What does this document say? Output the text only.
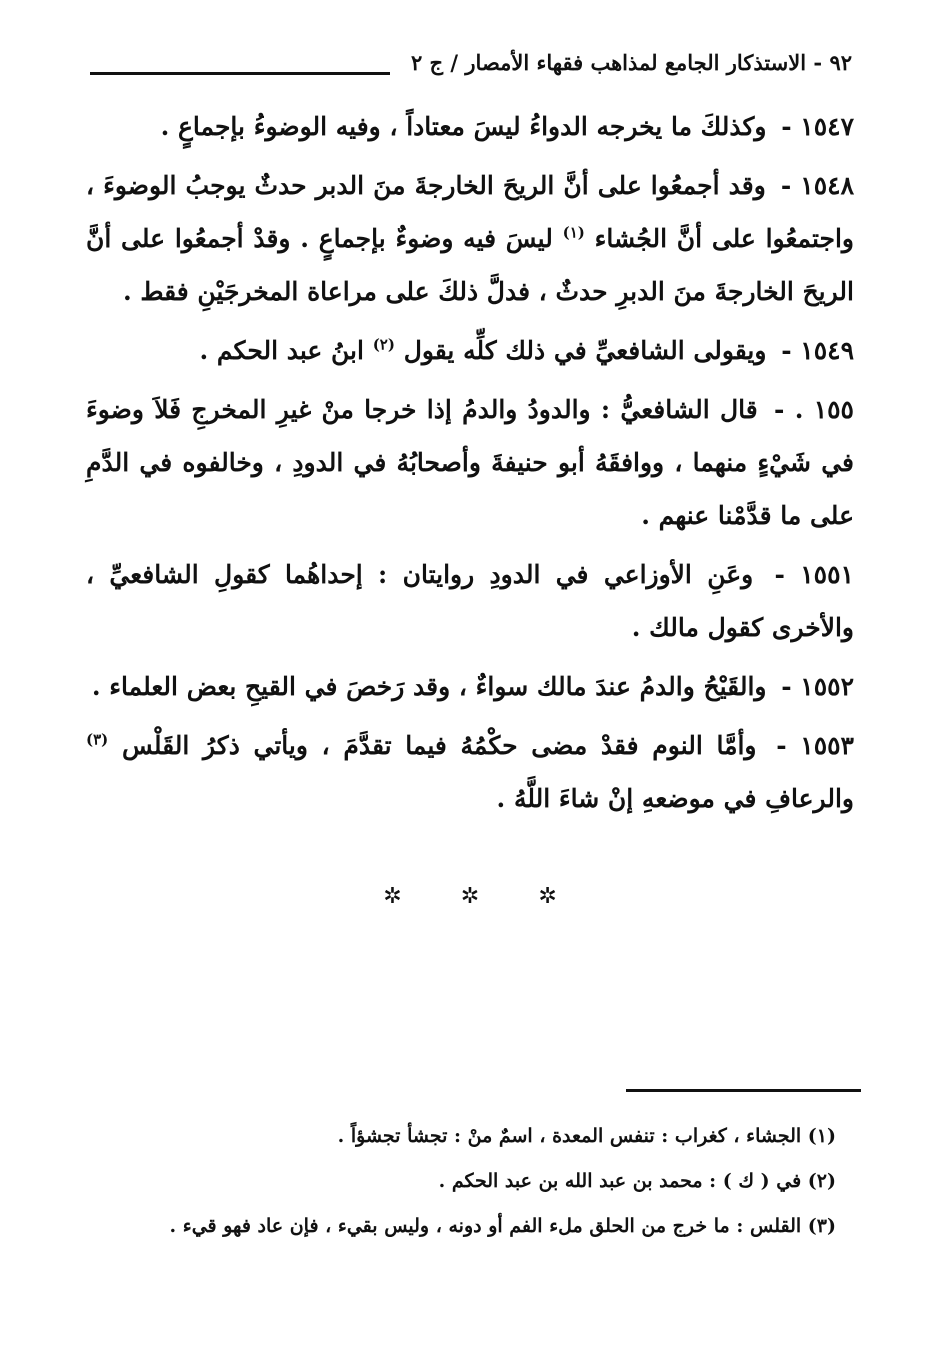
٩٢ - الاستذكار الجامع لمذاهب فقهاء الأمصار / ج ٢

١٥٤٧ - وكذلكَ ما يخرجه الدواءُ ليسَ معتاداً ، وفيه الوضوءُ بإجماعٍ .

١٥٤٨ - وقد أجمعُوا على أنَّ الريحَ الخارجةَ منَ الدبر حدثٌ يوجبُ الوضوءَ ، واجتمعُوا على أنَّ الجُشاء $^{(١)}$ ليسَ فيه وضوءٌ بإجماعٍ . وقدْ أجمعُوا على أنَّ الريحَ الخارجةَ منَ الدبرِ حدثٌ ، فدلَّ ذلكَ على مراعاة المخرجَيْنِ فقط .

١٥٤٩ - ويقولى الشافعيِّ في ذلك كلِّه يقول $^{(٢)}$ ابنُ عبد الحكم .

١٥٥ . - قال الشافعيُّ : والدودُ والدمُ إذا خرجا منْ غيرِ المخرجِ فَلاَ وضوءَ في شَيْءٍ منهما ، ووافقَهُ أبو حنيفةَ وأصحابُهُ في الدودِ ، وخالفوه في الدَّمِ على ما قدَّمْنا عنهم .

١٥٥١ - وعَنِ الأوزاعي في الدودِ روايتان : إحداهُما كقولِ الشافعيِّ ، والأخرى كقول مالك .

١٥٥٢ - والقَيْحُ والدمُ عندَ مالك سواءٌ ، وقد رَخصَ في القيحِ بعض العلماء .

١٥٥٣ - وأمَّا النوم فقدْ مضى حكْمُهُ فيما تقدَّمَ ، ويأتي ذكرُ القَلْس $^{(٣)}$ والرعافِ في موضعهِ إنْ شاءَ اللَّهُ .

✲	✲	✲
(١) الجشاء ، كغراب : تنفس المعدة ، اسمٌ منْ : تجشأ تجشؤاً .
(٢) في ( ك ) : محمد بن عبد الله بن عبد الحكم .
(٣) القلس : ما خرج من الحلق ملء الفم أو دونه ، وليس بقيء ، فإن عاد فهو قيء .
